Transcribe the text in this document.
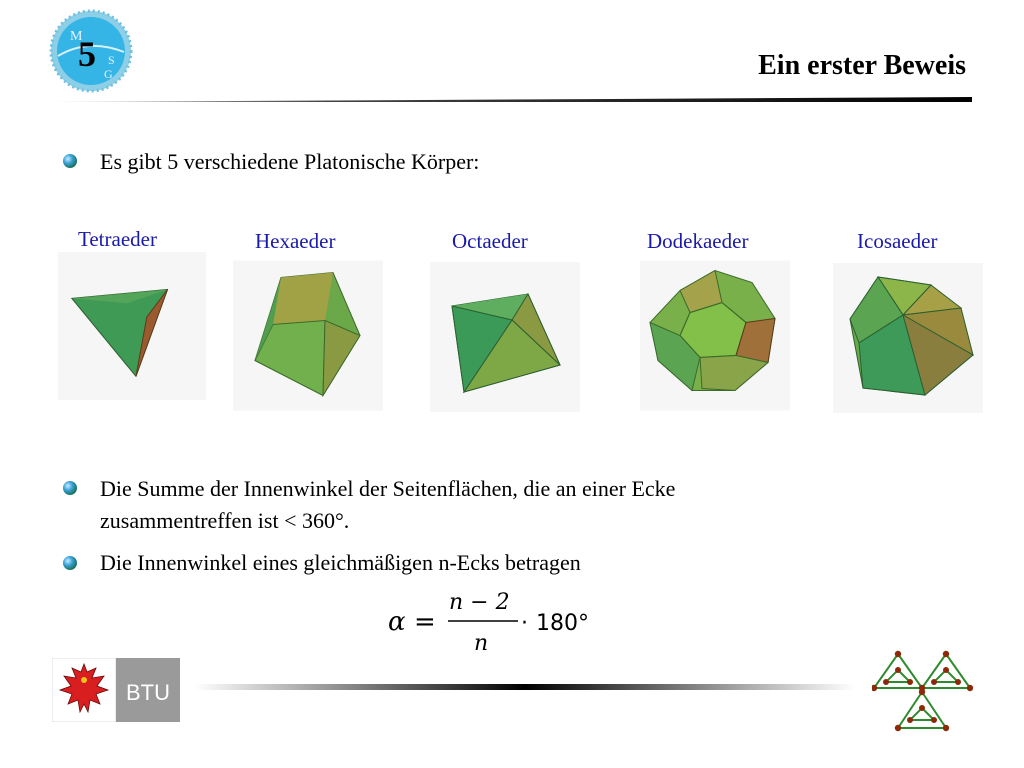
M
S
G
5	Ein erster Beweis
Es gibt 5 verschiedene Platonische Körper:
Tetraeder	Hexaeder	Octaeder	Dodekaeder	Icosaeder
Die Summe der Innenwinkel der Seitenflächen, die an einer Ecke
zusammentreffen ist < 360°.
Die Innenwinkel eines gleichmäßigen n-Ecks betragen
α =
n − 2
n
· 180°
BTU
